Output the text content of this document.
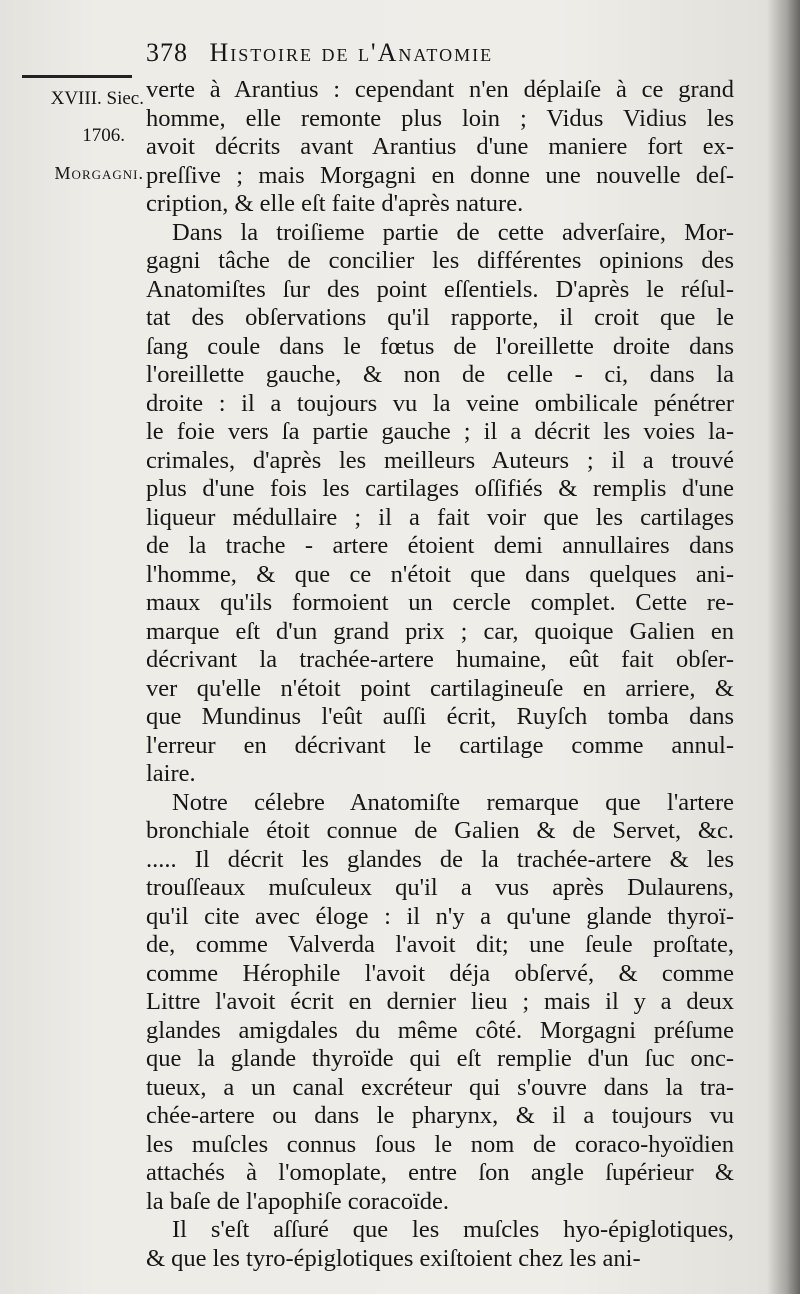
378 Histoire de l'Anatomie
XVIII. Siec.
1706.
Morgagni.
verte à Arantius : cependant n'en déplaiſe à ce grand
homme, elle remonte plus loin ; Vidus Vidius les
avoit décrits avant Arantius d'une maniere fort ex-
preſſive ; mais Morgagni en donne une nouvelle deſ-
cription, & elle eſt faite d'après nature.
Dans la troiſieme partie de cette adverſaire, Mor-
gagni tâche de concilier les différentes opinions des
Anatomiſtes ſur des point eſſentiels. D'après le réſul-
tat des obſervations qu'il rapporte, il croit que le
ſang coule dans le fœtus de l'oreillette droite dans
l'oreillette gauche, & non de celle - ci, dans la
droite : il a toujours vu la veine ombilicale pénétrer
le foie vers ſa partie gauche ; il a décrit les voies la-
crimales, d'après les meilleurs Auteurs ; il a trouvé
plus d'une fois les cartilages oſſifiés & remplis d'une
liqueur médullaire ; il a fait voir que les cartilages
de la trache - artere étoient demi annullaires dans
l'homme, & que ce n'étoit que dans quelques ani-
maux qu'ils formoient un cercle complet. Cette re-
marque eſt d'un grand prix ; car, quoique Galien en
décrivant la trachée-artere humaine, eût fait obſer-
ver qu'elle n'étoit point cartilagineuſe en arriere, &
que Mundinus l'eût auſſi écrit, Ruyſch tomba dans
l'erreur en décrivant le cartilage comme annul-
laire.
Notre célebre Anatomiſte remarque que l'artere
bronchiale étoit connue de Galien & de Servet, &c.
..... Il décrit les glandes de la trachée-artere & les
trouſſeaux muſculeux qu'il a vus après Dulaurens,
qu'il cite avec éloge : il n'y a qu'une glande thyroï-
de, comme Valverda l'avoit dit; une ſeule proſtate,
comme Hérophile l'avoit déja obſervé, & comme
Littre l'avoit écrit en dernier lieu ; mais il y a deux
glandes amigdales du même côté. Morgagni préſume
que la glande thyroïde qui eſt remplie d'un ſuc onc-
tueux, a un canal excréteur qui s'ouvre dans la tra-
chée-artere ou dans le pharynx, & il a toujours vu
les muſcles connus ſous le nom de coraco-hyoïdien
attachés à l'omoplate, entre ſon angle ſupérieur &
la baſe de l'apophiſe coracoïde.
Il s'eſt aſſuré que les muſcles hyo-épiglotiques,
& que les tyro-épiglotiques exiſtoient chez les ani-
